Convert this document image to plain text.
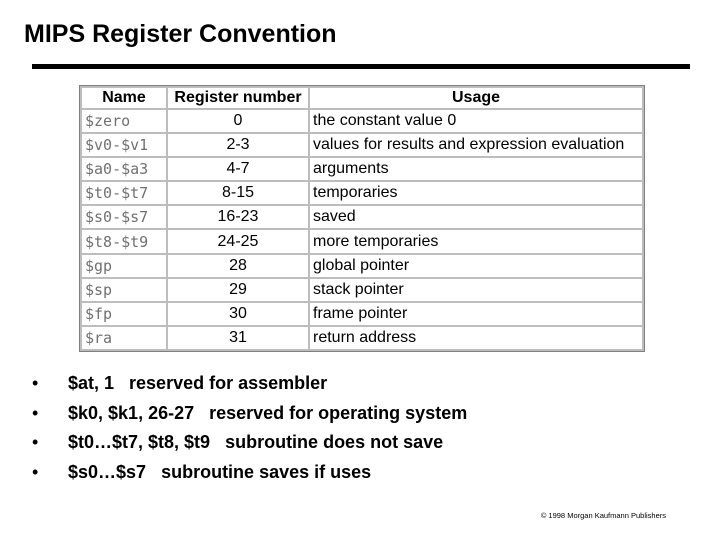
MIPS Register Convention
Name	Register number	Usage
$zero	0	the constant value 0
$v0-$v1	2-3	values for results and expression evaluation
$a0-$a3	4-7	arguments
$t0-$t7	8-15	temporaries
$s0-$s7	16-23	saved
$t8-$t9	24-25	more temporaries
$gp	28	global pointer
$sp	29	stack pointer
$fp	30	frame pointer
$ra	31	return address
• $at, 1   reserved for assembler
• $k0, $k1, 26-27   reserved for operating system
• $t0…$t7, $t8, $t9   subroutine does not save
• $s0…$s7   subroutine saves if uses
© 1998 Morgan Kaufmann Publishers
